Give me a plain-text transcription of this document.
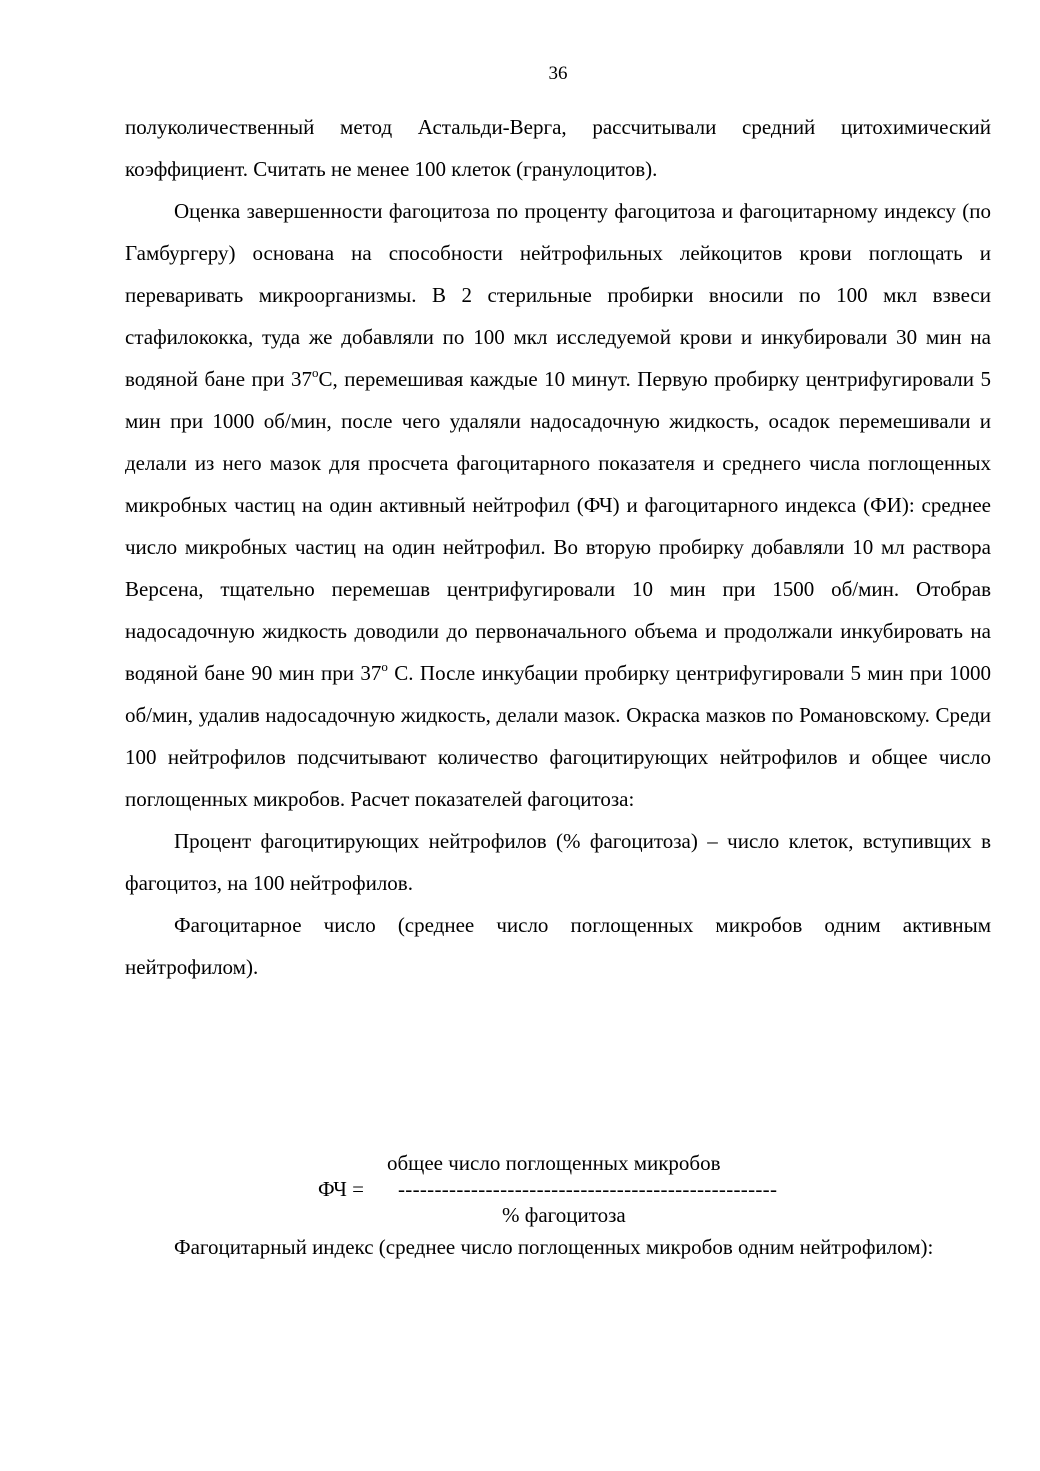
36

полуколичественный метод Астальди-Верга, рассчитывали средний цитохимический коэффициент. Считать не менее 100 клеток (гранулоцитов).

Оценка завершенности фагоцитоза по проценту фагоцитоза и фагоцитарному индексу (по Гамбургеру) основана на способности нейтрофильных лейкоцитов крови поглощать и переваривать микроорганизмы. В 2 стерильные пробирки вносили по 100 мкл взвеси стафилококка, туда же добавляли по 100 мкл исследуемой крови и инкубировали 30 мин на водяной бане при $37^оС$, перемешивая каждые 10 минут. Первую пробирку центрифугировали 5 мин при 1000 об/мин, после чего удаляли надосадочную жидкость, осадок перемешивали и делали из него мазок для просчета фагоцитарного показателя и среднего числа поглощенных микробных частиц на один активный нейтрофил (ФЧ) и фагоцитарного индекса (ФИ): среднее число микробных частиц на один нейтрофил. Во вторую пробирку добавляли 10 мл раствора Версена, тщательно перемешав центрифугировали 10 мин при 1500 об/мин. Отобрав надосадочную жидкость доводили до первоначального объема и продолжали инкубировать на водяной бане 90 мин при $37^о$ С. После инкубации пробирку центрифугировали 5 мин при 1000 об/мин, удалив надосадочную жидкость, делали мазок. Окраска мазков по Романовскому. Среди 100 нейтрофилов подсчитывают количество фагоцитирующих нейтрофилов и общее число поглощенных микробов. Расчет показателей фагоцитоза:

Процент фагоцитирующих нейтрофилов (% фагоцитоза) – число клеток, вступивщих в фагоцитоз, на 100 нейтрофилов.

Фагоцитарное число (среднее число поглощенных микробов одним активным нейтрофилом).

общее число поглощенных микробов
ФЧ = ----------------------------------------------------
% фагоцитоза

Фагоцитарный индекс (среднее число поглощенных микробов одним нейтрофилом):
